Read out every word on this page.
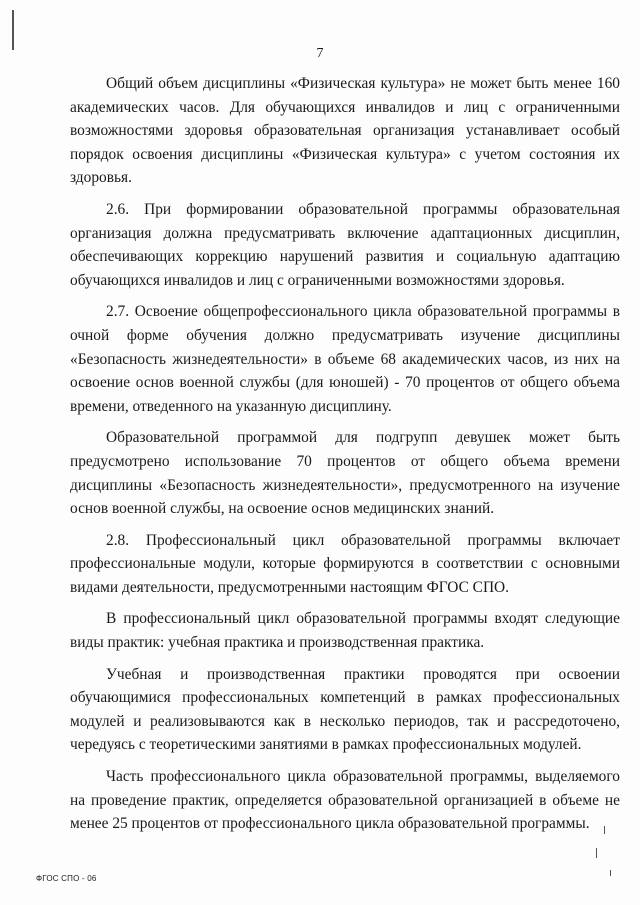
7

Общий объем дисциплины «Физическая культура» не может быть менее 160 академических часов. Для обучающихся инвалидов и лиц с ограниченными возможностями здоровья образовательная организация устанавливает особый порядок освоения дисциплины «Физическая культура» с учетом состояния их здоровья.

2.6. При формировании образовательной программы образовательная организация должна предусматривать включение адаптационных дисциплин, обеспечивающих коррекцию нарушений развития и социальную адаптацию обучающихся инвалидов и лиц с ограниченными возможностями здоровья.

2.7. Освоение общепрофессионального цикла образовательной программы в очной форме обучения должно предусматривать изучение дисциплины «Безопасность жизнедеятельности» в объеме 68 академических часов, из них на освоение основ военной службы (для юношей) - 70 процентов от общего объема времени, отведенного на указанную дисциплину.

Образовательной программой для подгрупп девушек может быть предусмотрено использование 70 процентов от общего объема времени дисциплины «Безопасность жизнедеятельности», предусмотренного на изучение основ военной службы, на освоение основ медицинских знаний.

2.8. Профессиональный цикл образовательной программы включает профессиональные модули, которые формируются в соответствии с основными видами деятельности, предусмотренными настоящим ФГОС СПО.

В профессиональный цикл образовательной программы входят следующие виды практик: учебная практика и производственная практика.

Учебная и производственная практики проводятся при освоении обучающимися профессиональных компетенций в рамках профессиональных модулей и реализовываются как в несколько периодов, так и рассредоточено, чередуясь с теоретическими занятиями в рамках профессиональных модулей.

Часть профессионального цикла образовательной программы, выделяемого на проведение практик, определяется образовательной организацией в объеме не менее 25 процентов от профессионального цикла образовательной программы.

ФГОС СПО - 06
